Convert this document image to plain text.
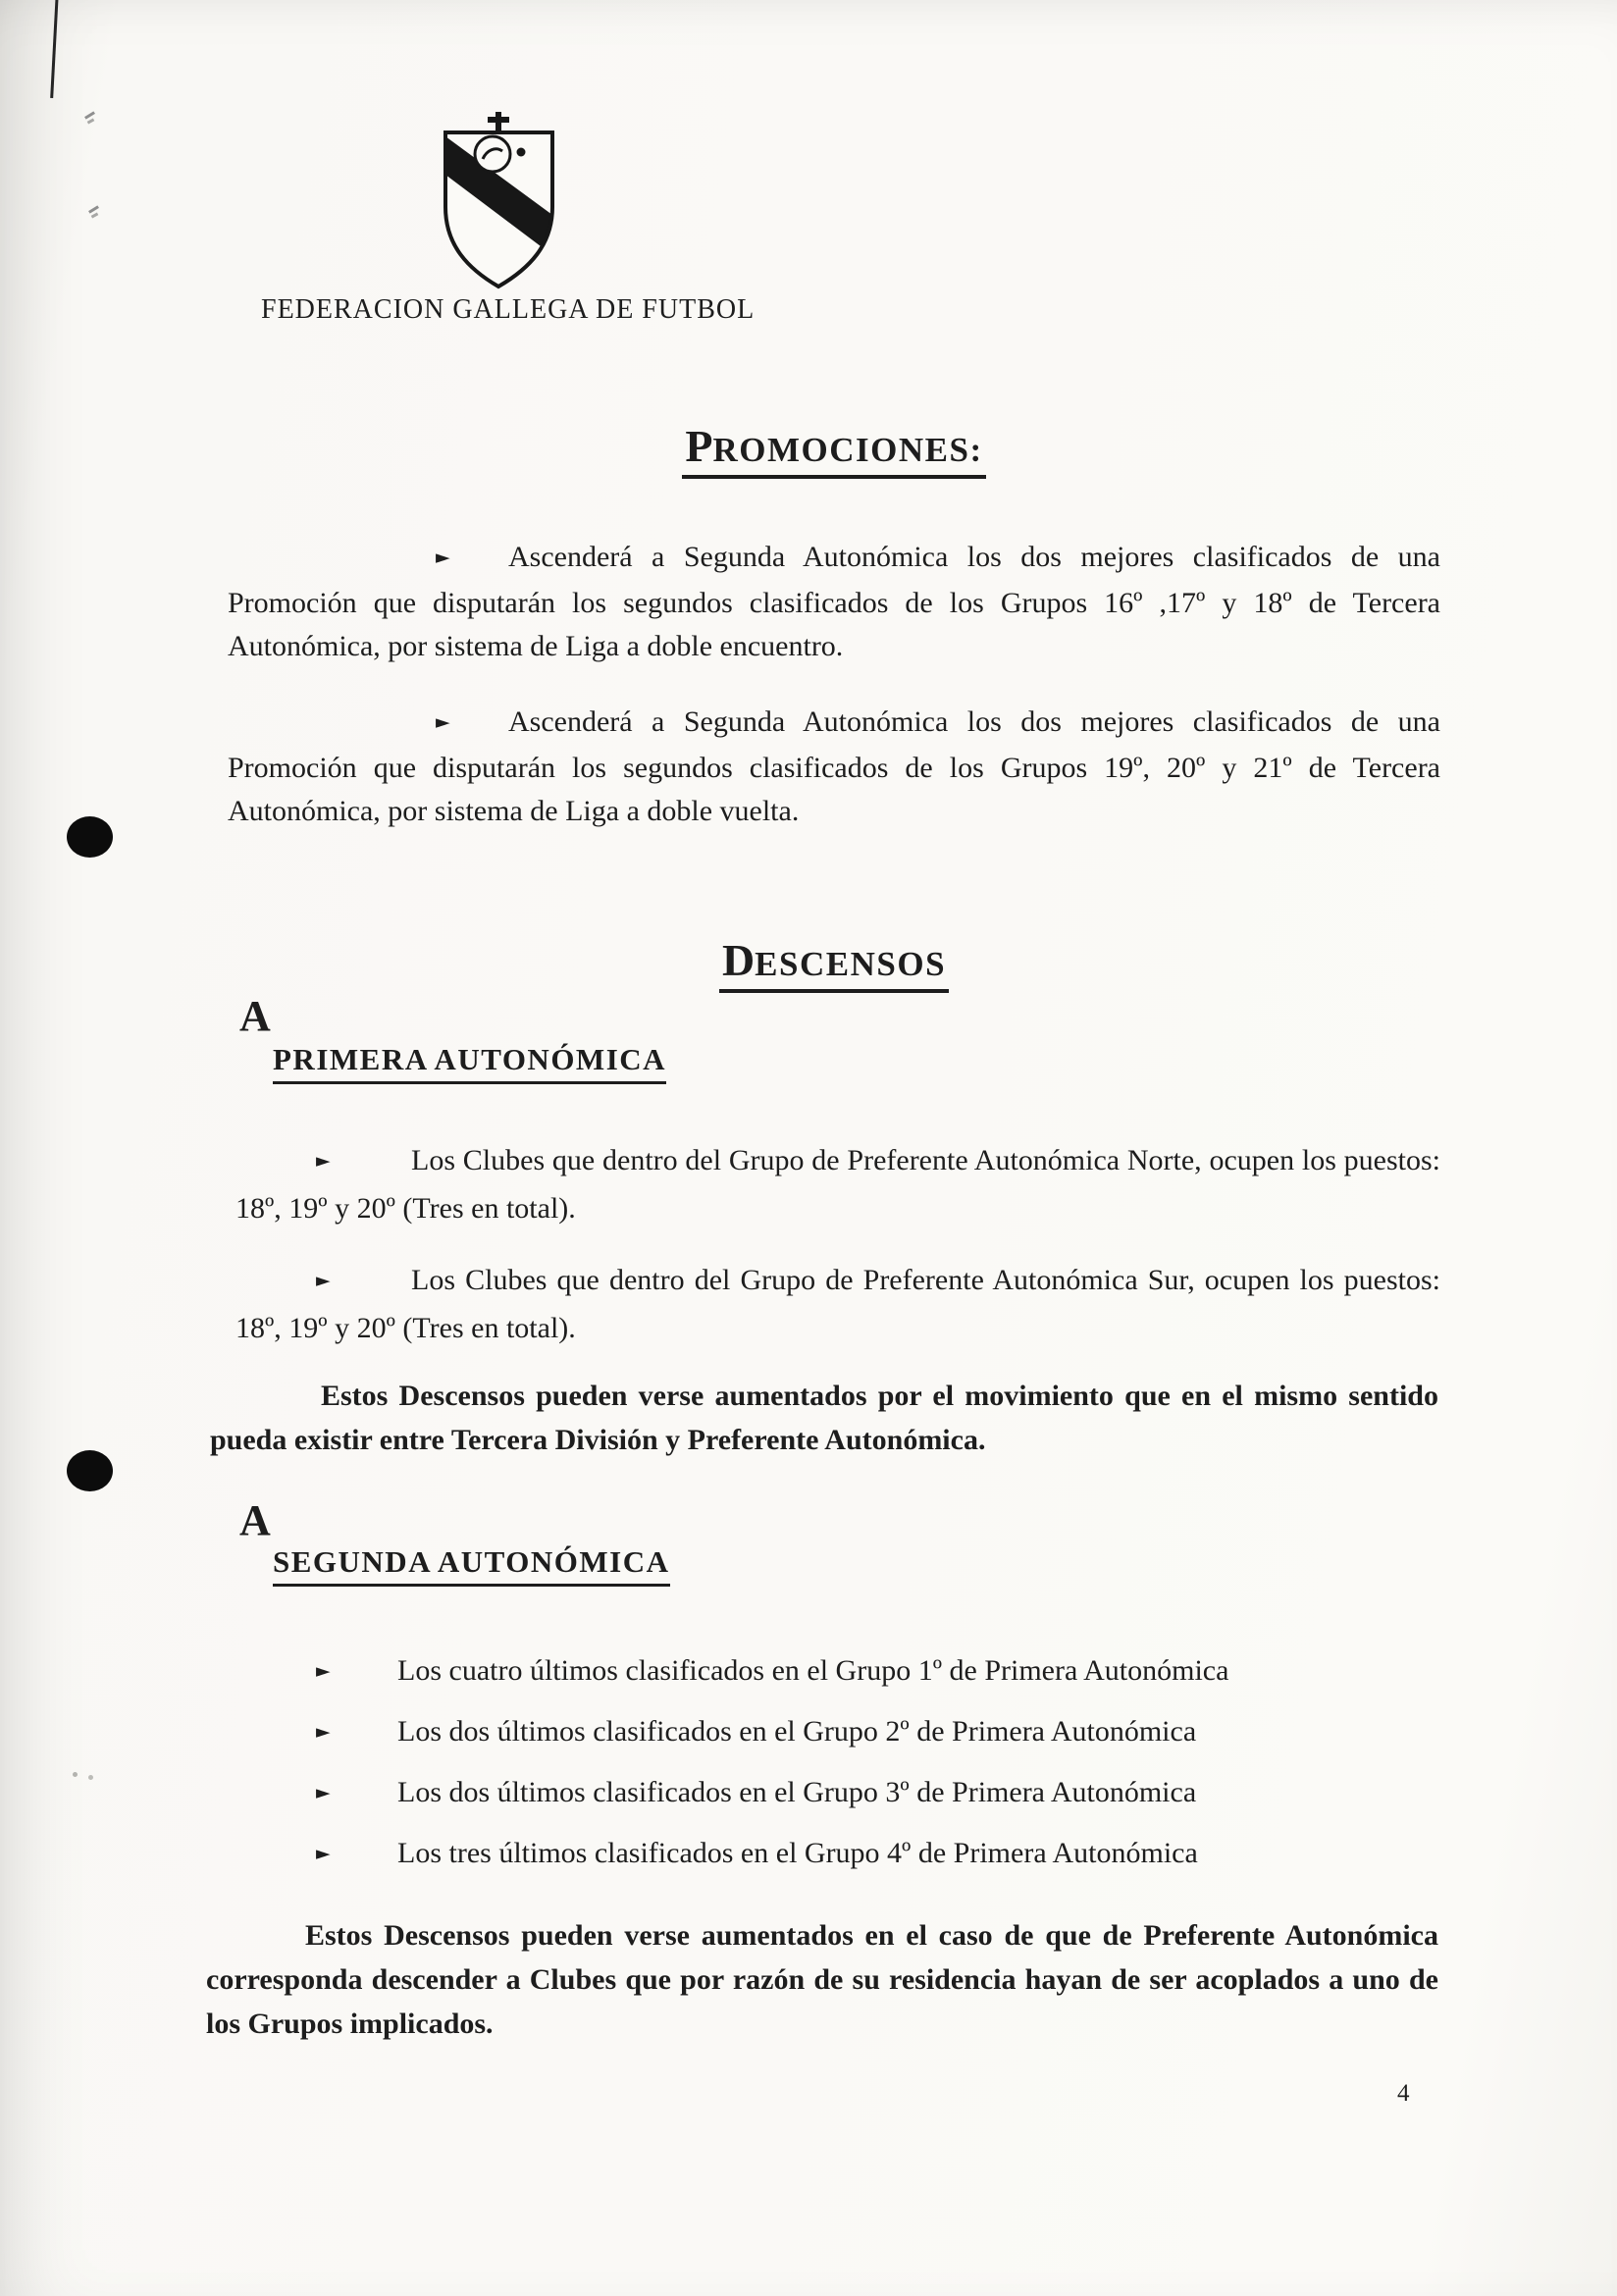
FEDERACION GALLEGA DE FUTBOL
PROMOCIONES:

► Ascenderá a Segunda Autonómica los dos mejores clasificados de una Promoción que disputarán los segundos clasificados de los Grupos 16º ,17º y 18º de Tercera Autonómica, por sistema de Liga a doble encuentro.

► Ascenderá a Segunda Autonómica los dos mejores clasificados de una Promoción que disputarán los segundos clasificados de los Grupos 19º, 20º y 21º de Tercera Autonómica, por sistema de Liga a doble vuelta.

DESCENSOS
A
PRIMERA AUTONÓMICA

►	Los Clubes que dentro del Grupo de Preferente Autonómica Norte, ocupen los puestos: 18º, 19º y 20º (Tres en total).

►	Los Clubes que dentro del Grupo de Preferente Autonómica Sur, ocupen los puestos: 18º, 19º y 20º (Tres en total).

Estos Descensos pueden verse aumentados por el movimiento que en el mismo sentido pueda existir entre Tercera División y Preferente Autonómica.

A
SEGUNDA AUTONÓMICA

► Los cuatro últimos clasificados en el Grupo 1º de Primera Autonómica

► Los dos últimos clasificados en el Grupo 2º de Primera Autonómica

► Los dos últimos clasificados en el Grupo 3º de Primera Autonómica

► Los tres últimos clasificados en el Grupo 4º de Primera Autonómica

Estos Descensos pueden verse aumentados en el caso de que de Preferente Autonómica corresponda descender a Clubes que por razón de su residencia hayan de ser acoplados a uno de los Grupos implicados.

4
